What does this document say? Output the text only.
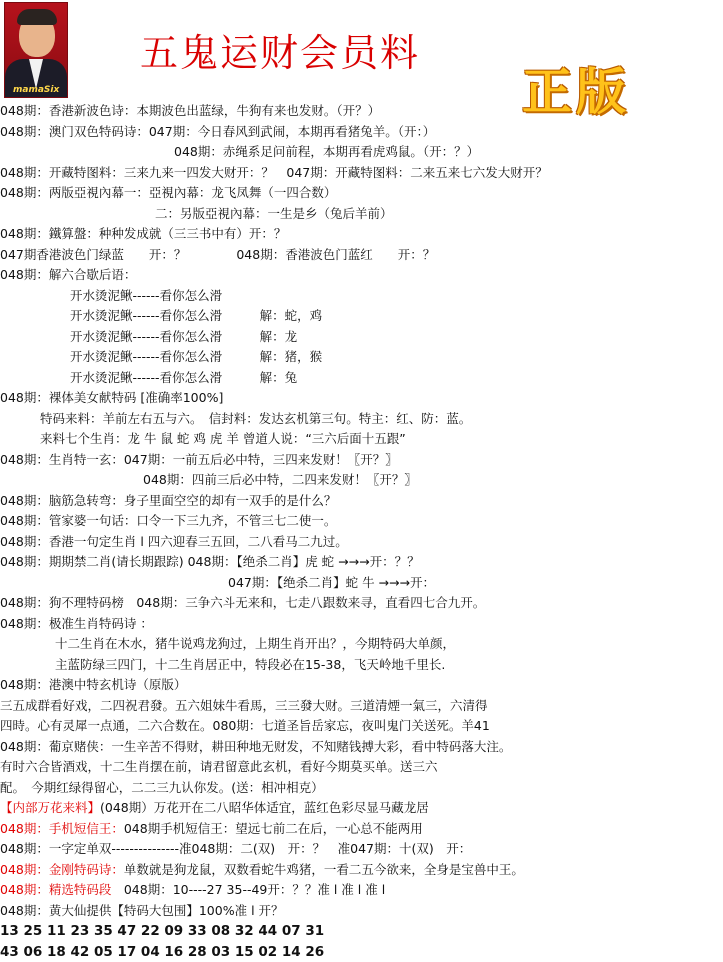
mamaSix
五鬼运财会员料
正版
048期：香港新波色诗：本期波色出蓝绿，牛狗有来也发财。（开？）
048期：澳门双色特码诗：047期：今日春风到武闹，本期再看猪兔羊。（开：）
048期：赤绳系足问前程，本期再看虎鸡鼠。（开：？）
048期：开藏特图料：三来九来一四发大财开：？　047期：开藏特图料：二来五来七六发大财开？
048期：两版亞視內幕一：亞視內幕：龙飞凤舞（一四合数）
二：另版亞視內幕：一生是乡（兔后羊前）
048期：鐵算盤：种种发成就（三三书中有）开：？
047期香港波色门绿蓝　　开：？　　　　048期：香港波色门蓝红　　开：？
048期：解六合歇后语：
开水烫泥鳅------看你怎么滑
开水烫泥鳅------看你怎么滑　　　解：蛇，鸡
开水烫泥鳅------看你怎么滑　　　解：龙
开水烫泥鳅------看你怎么滑　　　解：猪，猴
开水烫泥鳅------看你怎么滑　　　解：兔
048期：裸体美女献特码 [准确率100%]
特码来料：羊前左右五与六。　信封料：发达玄机第三句。特主：红、防：蓝。
来料七个生肖：龙 牛 鼠 蛇 鸡 虎 羊 曾道人说：“三六后面十五跟”
048期：生肖特一玄：047期：一前五后必中特，三四来发财！〖开？〗
048期：四前三后必中特，二四来发财！〖开？〗
048期：脑筋急转弯：身子里面空空的却有一双手的是什么？
048期：管家婆一句话：口令一下三九齐，不管三七二使一。
048期：香港一句定生肖 l 四六迎春三五回，二八看马二九过。
048期：期期禁二肖(请长期跟踪) 048期：【绝杀二肖】虎 蛇 →→→开：？？
047期：【绝杀二肖】蛇 牛 →→→开：
048期：狗不理特码榜　048期：三争六斗无来和，七走八跟数来寻，直看四七合九开。
048期：极准生肖特码诗 ：
十二生肖在木水，猪牛说鸡龙狗过，上期生肖开出？，今期特码大单颜，
主蓝防绿三四门，十二生肖居正中，特段必在15-38，飞天岭地千里长.
048期：港澳中特玄机诗（原版）
三五成群看好戏，二四祝君發。五六姐妹牛看馬，三三發大财。三道清煙一氣三，六清得
四時。心有灵犀一点通，二六合数在。080期：七道圣旨岳家忘，夜叫鬼门关送死。羊41
048期：葡京赌侠：一生辛苦不得财，耕田种地无财发，不知赌钱搏大彩，看中特码落大注。
有时六合皆酒戏，十二生肖摆在前，请君留意此玄机，看好今期莫买单。送三六
配。　今期红绿得留心，二二三九认你发。(送：相冲相克）
【内部万花来料】(048期）万花开在二八昭华体适宜，蓝红色彩尽显马藏龙居
048期：手机短信王：048期手机短信王：望远七前二在后，一心总不能两用
048期：一字定单双---------------准048期：二(双)　开：？　准047期：十(双)　开：
048期：金刚特码诗：单数就是狗龙鼠，双数看蛇牛鸡猪，一看二五今欲来，全身是宝兽中王。
048期：精选特码段　048期：10----27 35--49开：？？准 l 准 l 准 l
048期：黄大仙提供【特码大包围】100%准 l 开？
13 25 11 23 35 47 22 09 33 08 32 44 07 31
43 06 18 42 05 17 04 16 28 03 15 02 14 26
